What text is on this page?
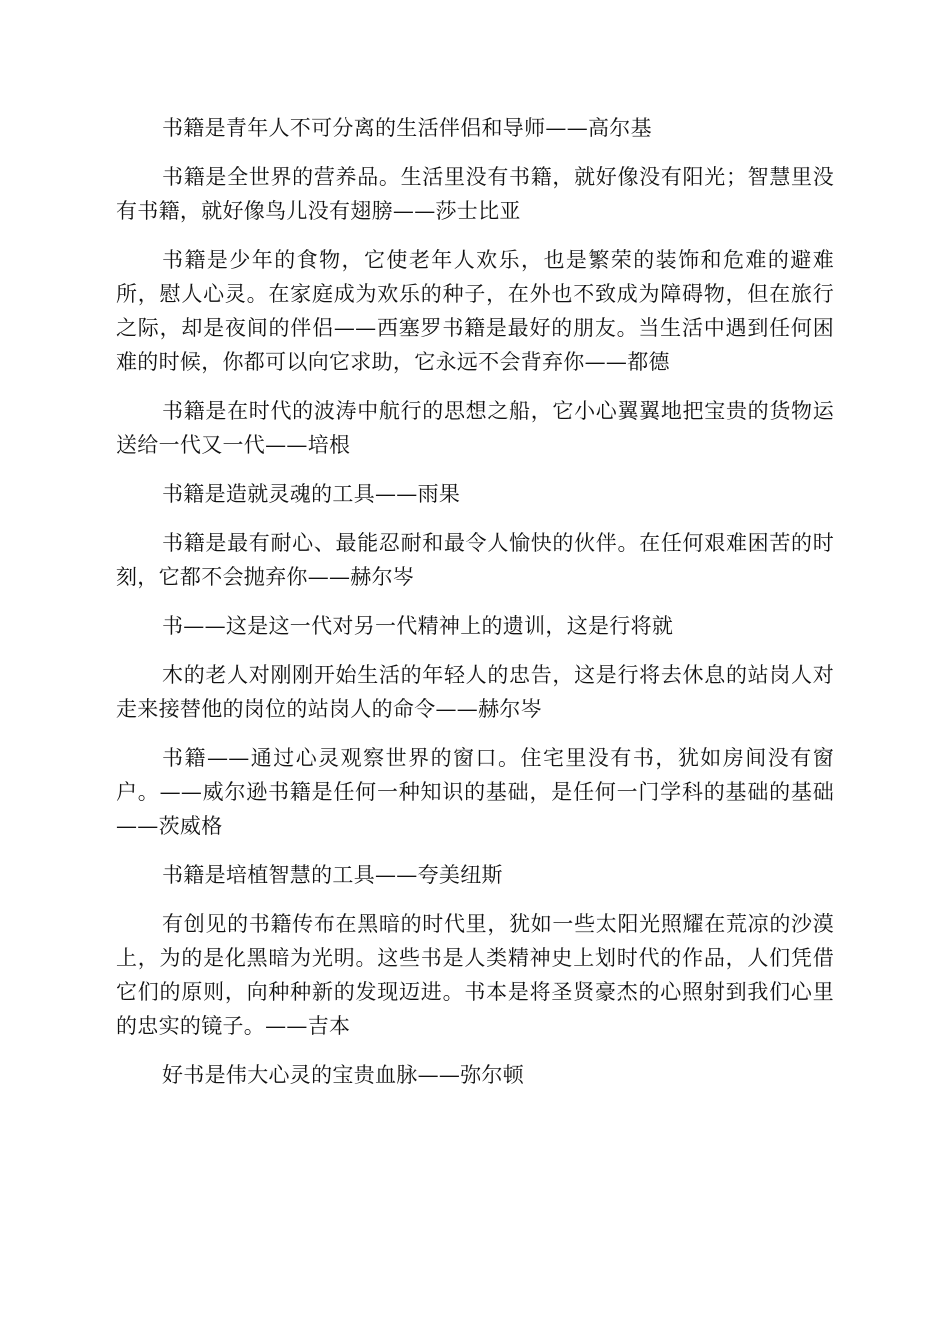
书籍是青年人不可分离的生活伴侣和导师——高尔基

书籍是全世界的营养品。生活里没有书籍，就好像没有阳光；智慧里没有书籍，就好像鸟儿没有翅膀——莎士比亚

书籍是少年的食物，它使老年人欢乐，也是繁荣的装饰和危难的避难所，慰人心灵。在家庭成为欢乐的种子，在外也不致成为障碍物，但在旅行之际，却是夜间的伴侣——西塞罗书籍是最好的朋友。当生活中遇到任何困难的时候，你都可以向它求助，它永远不会背弃你——都德

书籍是在时代的波涛中航行的思想之船，它小心翼翼地把宝贵的货物运送给一代又一代——培根

书籍是造就灵魂的工具——雨果

书籍是最有耐心、最能忍耐和最令人愉快的伙伴。在任何艰难困苦的时刻，它都不会抛弃你——赫尔岑

书——这是这一代对另一代精神上的遗训，这是行将就

木的老人对刚刚开始生活的年轻人的忠告，这是行将去休息的站岗人对走来接替他的岗位的站岗人的命令——赫尔岑

书籍——通过心灵观察世界的窗口。住宅里没有书，犹如房间没有窗户。——威尔逊书籍是任何一种知识的基础，是任何一门学科的基础的基础——茨威格

书籍是培植智慧的工具——夸美纽斯

有创见的书籍传布在黑暗的时代里，犹如一些太阳光照耀在荒凉的沙漠上，为的是化黑暗为光明。这些书是人类精神史上划时代的作品，人们凭借它们的原则，向种种新的发现迈进。书本是将圣贤豪杰的心照射到我们心里的忠实的镜子。——吉本

好书是伟大心灵的宝贵血脉——弥尔顿
